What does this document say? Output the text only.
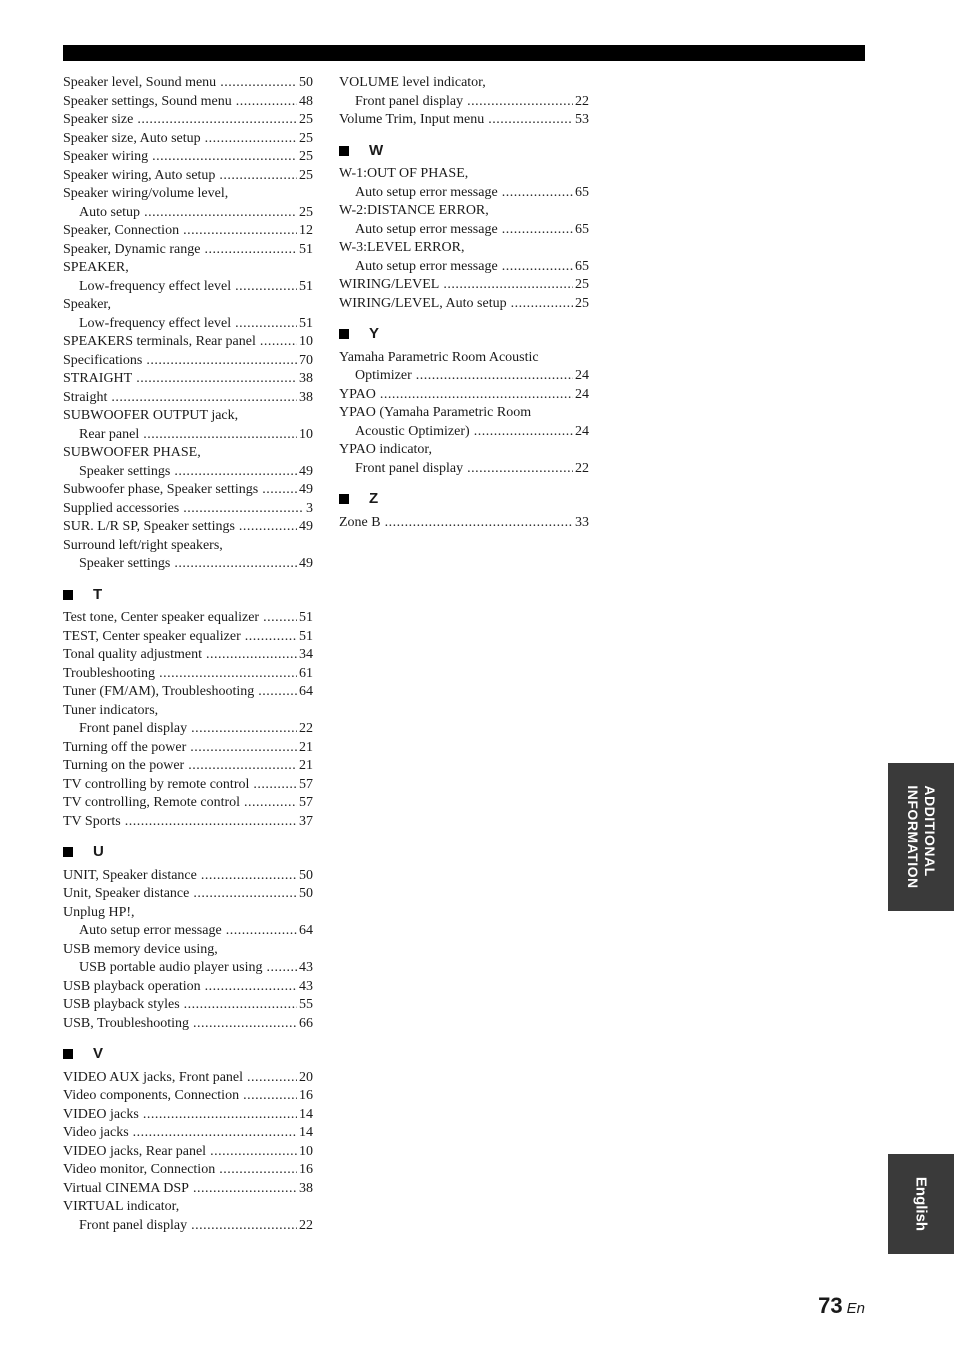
Speaker level, Sound menu .....	50
Speaker settings, Sound menu .....	48
Speaker size .....	25
Speaker size, Auto setup .....	25
Speaker wiring .....	25
Speaker wiring, Auto setup .....	25
Speaker wiring/volume level,
Auto setup .....	25
Speaker, Connection .....	12
Speaker, Dynamic range .....	51
SPEAKER,
Low-frequency effect level .....	51
Speaker,
Low-frequency effect level .....	51
SPEAKERS terminals, Rear panel .....	10
Specifications .....	70
STRAIGHT .....	38
Straight .....	38
SUBWOOFER OUTPUT jack,
Rear panel .....	10
SUBWOOFER PHASE,
Speaker settings .....	49
Subwoofer phase, Speaker settings .....	49
Supplied accessories .....	3
SUR. L/R SP, Speaker settings .....	49
Surround left/right speakers,
Speaker settings .....	49
T
Test tone, Center speaker equalizer .....	51
TEST, Center speaker equalizer .....	51
Tonal quality adjustment .....	34
Troubleshooting .....	61
Tuner (FM/AM), Troubleshooting .....	64
Tuner indicators,
Front panel display .....	22
Turning off the power .....	21
Turning on the power .....	21
TV controlling by remote control .....	57
TV controlling, Remote control .....	57
TV Sports .....	37
U
UNIT, Speaker distance .....	50
Unit, Speaker distance .....	50
Unplug HP!,
Auto setup error message .....	64
USB memory device using,
USB portable audio player using .....	43
USB playback operation .....	43
USB playback styles .....	55
USB, Troubleshooting .....	66
V
VIDEO AUX jacks, Front panel .....	20
Video components, Connection .....	16
VIDEO jacks .....	14
Video jacks .....	14
VIDEO jacks, Rear panel .....	10
Video monitor, Connection .....	16
Virtual CINEMA DSP .....	38
VIRTUAL indicator,
Front panel display .....	22
VOLUME level indicator,
Front panel display .....	22
Volume Trim, Input menu .....	53
W
W-1:OUT OF PHASE,
Auto setup error message .....	65
W-2:DISTANCE ERROR,
Auto setup error message .....	65
W-3:LEVEL ERROR,
Auto setup error message .....	65
WIRING/LEVEL .....	25
WIRING/LEVEL, Auto setup .....	25
Y
Yamaha Parametric Room Acoustic
Optimizer .....	24
YPAO .....	24
YPAO (Yamaha Parametric Room
Acoustic Optimizer) .....	24
YPAO indicator,
Front panel display .....	22
Z
Zone B .....	33
ADDITIONAL
INFORMATION
English
73 En
